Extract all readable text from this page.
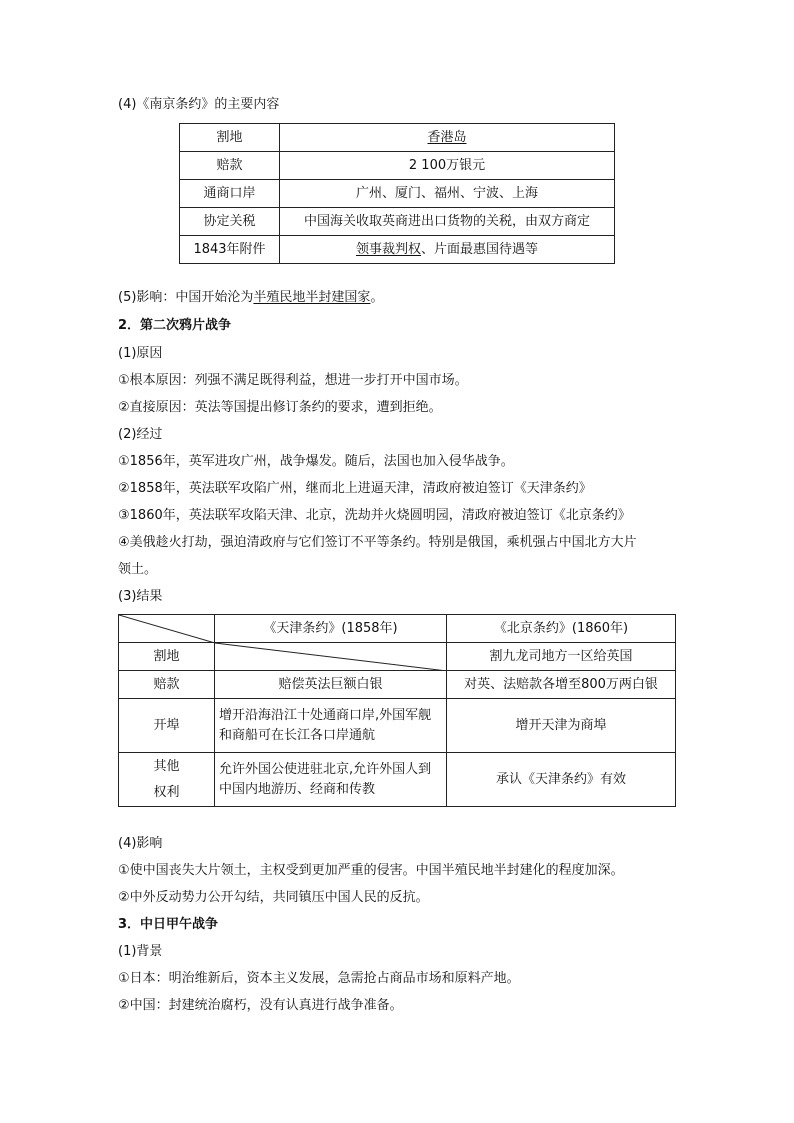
(4)《南京条约》的主要内容
割地	香港岛
赔款	2 100万银元
通商口岸	广州、厦门、福州、宁波、上海
协定关税	中国海关收取英商进出口货物的关税，由双方商定
1843年附件	领事裁判权、片面最惠国待遇等
(5)影响：中国开始沦为半殖民地半封建国家。
2．第二次鸦片战争
(1)原因
①根本原因：列强不满足既得利益，想进一步打开中国市场。
②直接原因：英法等国提出修订条约的要求，遭到拒绝。
(2)经过
①1856年，英军进攻广州，战争爆发。随后，法国也加入侵华战争。
②1858年，英法联军攻陷广州，继而北上进逼天津，清政府被迫签订《天津条约》
③1860年，英法联军攻陷天津、北京，洗劫并火烧圆明园，清政府被迫签订《北京条约》
④美俄趁火打劫，强迫清政府与它们签订不平等条约。特别是俄国，乘机强占中国北方大片
领土。
(3)结果
	《天津条约》(1858年)	《北京条约》(1860年)
割地		割九龙司地方一区给英国
赔款	赔偿英法巨额白银	对英、法赔款各增至800万两白银
开埠	增开沿海沿江十处通商口岸,外国军舰和商船可在长江各口岸通航	增开天津为商埠
其他权利	允许外国公使进驻北京,允许外国人到中国内地游历、经商和传教	承认《天津条约》有效
(4)影响
①使中国丧失大片领土，主权受到更加严重的侵害。中国半殖民地半封建化的程度加深。
②中外反动势力公开勾结，共同镇压中国人民的反抗。
3．中日甲午战争
(1)背景
①日本：明治维新后，资本主义发展，急需抢占商品市场和原料产地。
②中国：封建统治腐朽，没有认真进行战争准备。
